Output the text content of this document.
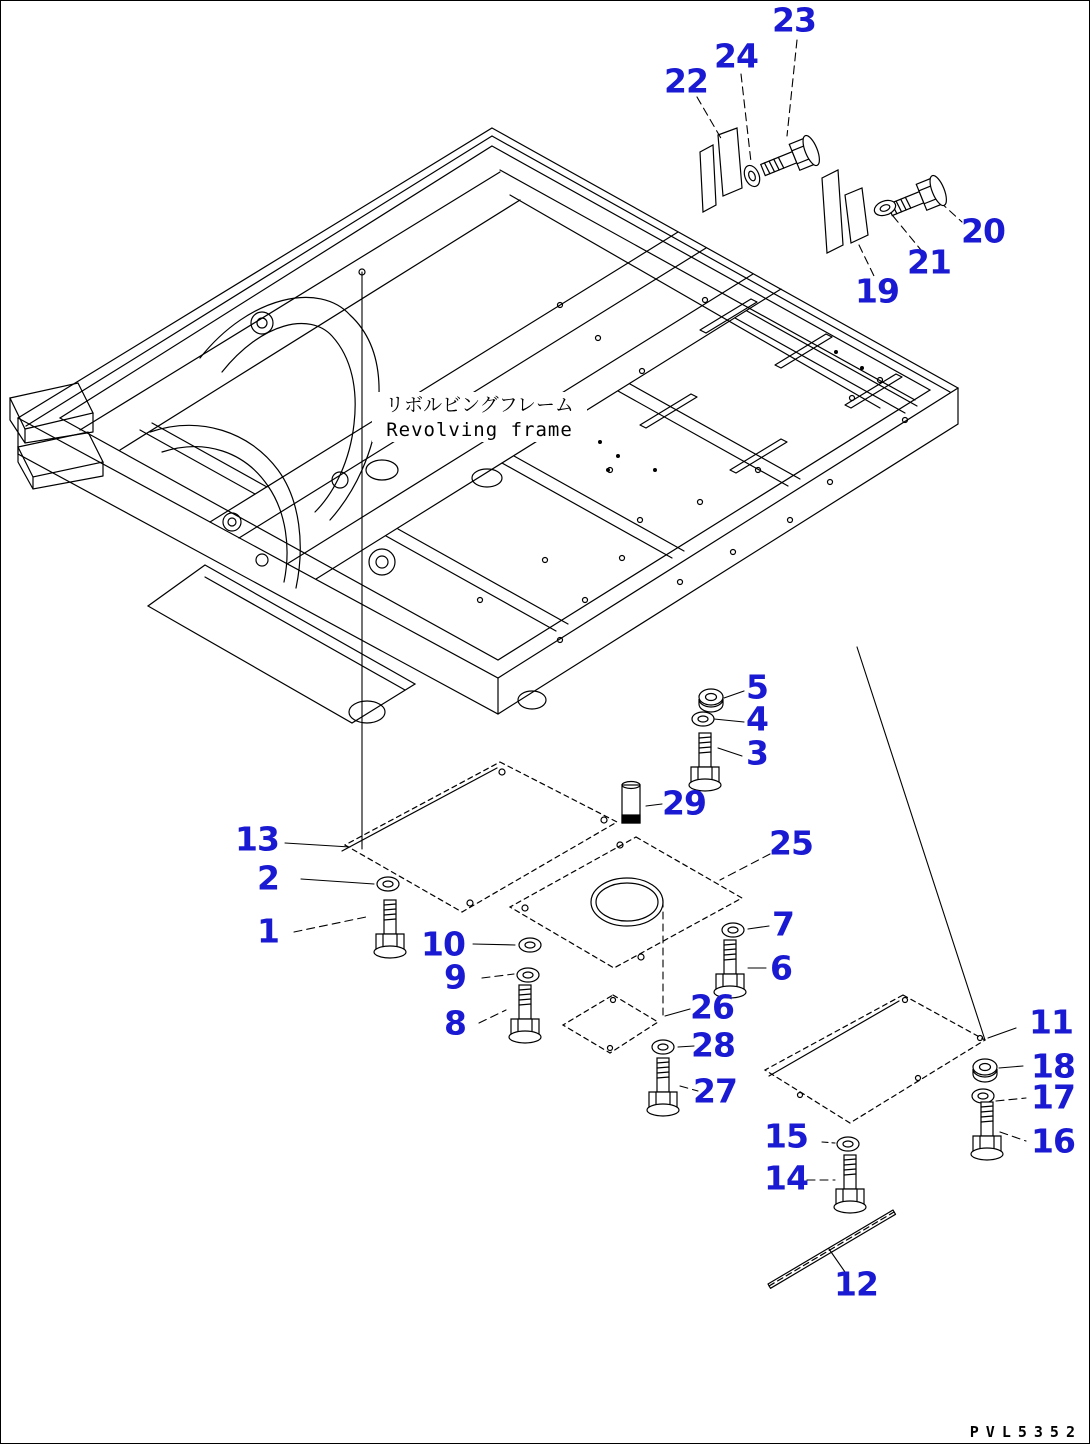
リボルビングフレーム
Revolving frame
PVL5352
1
2
3
4
5
6
7
8
9
10
11
12
13
14
15	16
17
18
19
20
21
22
23
24
25
26
27
28
29
